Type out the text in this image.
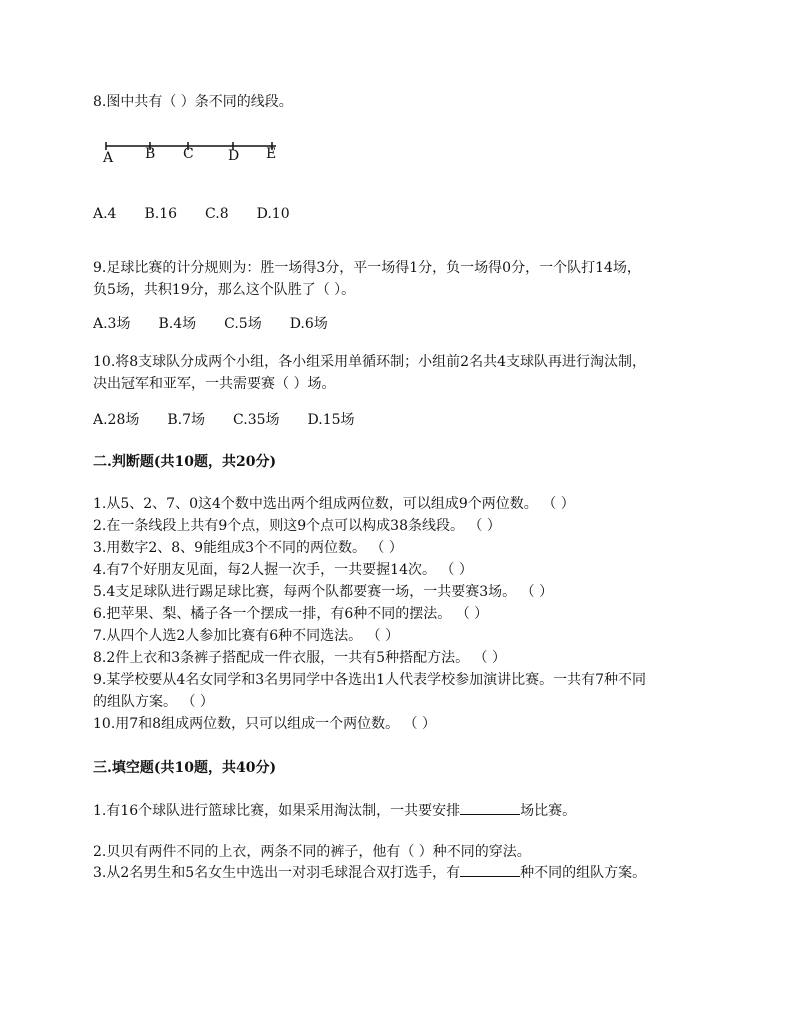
8.图中共有（ ）条不同的线段。
A B C D E
A.4 B.16 C.8 D.10
9.足球比赛的计分规则为：胜一场得3分，平一场得1分，负一场得0分，一个队打14场，
负5场，共积19分，那么这个队胜了（ ）。
A.3场 B.4场 C.5场 D.6场
10.将8支球队分成两个小组，各小组采用单循环制；小组前2名共4支球队再进行淘汰制，
决出冠军和亚军，一共需要赛（ ）场。
A.28场 B.7场 C.35场 D.15场
二.判断题(共10题，共20分)
1.从5、2、7、0这4个数中选出两个组成两位数，可以组成9个两位数。 （ ）
2.在一条线段上共有9个点，则这9个点可以构成38条线段。 （ ）
3.用数字2、8、9能组成3个不同的两位数。 （ ）
4.有7个好朋友见面，每2人握一次手，一共要握14次。 （ ）
5.4支足球队进行踢足球比赛，每两个队都要赛一场，一共要赛3场。 （ ）
6.把苹果、梨、橘子各一个摆成一排，有6种不同的摆法。 （ ）
7.从四个人选2人参加比赛有6种不同选法。 （ ）
8.2件上衣和3条裤子搭配成一件衣服，一共有5种搭配方法。 （ ）
9.某学校要从4名女同学和3名男同学中各选出1人代表学校参加演讲比赛。一共有7种不同
的组队方案。 （ ）
10.用7和8组成两位数，只可以组成一个两位数。 （ ）
三.填空题(共10题，共40分)
1.有16个球队进行篮球比赛，如果采用淘汰制，一共要安排	场比赛。
2.贝贝有两件不同的上衣，两条不同的裤子，他有（ ）种不同的穿法。
3.从2名男生和5名女生中选出一对羽毛球混合双打选手，有	种不同的组队方案。
